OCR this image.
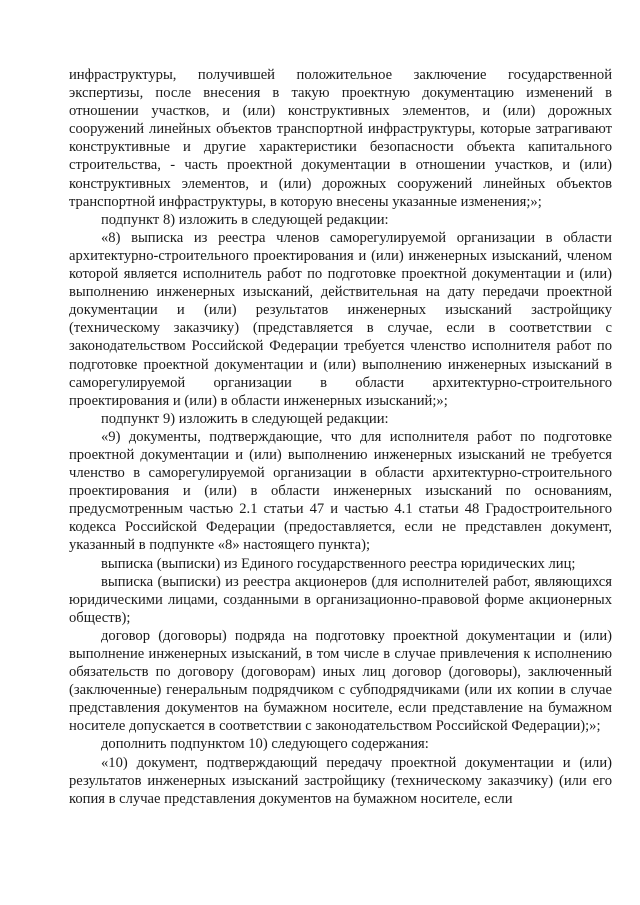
инфраструктуры, получившей положительное заключение государственной экспертизы, после внесения в такую проектную документацию изменений в отношении участков, и (или) конструктивных элементов, и (или) дорожных сооружений линейных объектов транспортной инфраструктуры, которые затрагивают конструктивные и другие характеристики безопасности объекта капитального строительства, - часть проектной документации в отношении участков, и (или) конструктивных элементов, и (или) дорожных сооружений линейных объектов транспортной инфраструктуры, в которую внесены указанные изменения;»;

подпункт 8) изложить в следующей редакции:

«8) выписка из реестра членов саморегулируемой организации в области архитектурно-строительного проектирования и (или) инженерных изысканий, членом которой является исполнитель работ по подготовке проектной документации и (или) выполнению инженерных изысканий, действительная на дату передачи проектной документации и (или) результатов инженерных изысканий застройщику (техническому заказчику) (представляется в случае, если в соответствии с законодательством Российской Федерации требуется членство исполнителя работ по подготовке проектной документации и (или) выполнению инженерных изысканий в саморегулируемой организации в области архитектурно-строительного проектирования и (или) в области инженерных изысканий;»;

подпункт 9) изложить в следующей редакции:

«9) документы, подтверждающие, что для исполнителя работ по подготовке проектной документации и (или) выполнению инженерных изысканий не требуется членство в саморегулируемой организации в области архитектурно-строительного проектирования и (или) в области инженерных изысканий по основаниям, предусмотренным частью 2.1 статьи 47 и частью 4.1 статьи 48 Градостроительного кодекса Российской Федерации (предоставляется, если не представлен документ, указанный в подпункте «8» настоящего пункта);

выписка (выписки) из Единого государственного реестра юридических лиц;

выписка (выписки) из реестра акционеров (для исполнителей работ, являющихся юридическими лицами, созданными в организационно-правовой форме акционерных обществ);

договор (договоры) подряда на подготовку проектной документации и (или) выполнение инженерных изысканий, в том числе в случае привлечения к исполнению обязательств по договору (договорам) иных лиц договор (договоры), заключенный (заключенные) генеральным подрядчиком с субподрядчиками (или их копии в случае представления документов на бумажном носителе, если представление на бумажном носителе допускается в соответствии с законодательством Российской Федерации);»;

дополнить подпунктом 10) следующего содержания:

«10) документ, подтверждающий передачу проектной документации и (или) результатов инженерных изысканий застройщику (техническому заказчику) (или его копия в случае представления документов на бумажном носителе, если
